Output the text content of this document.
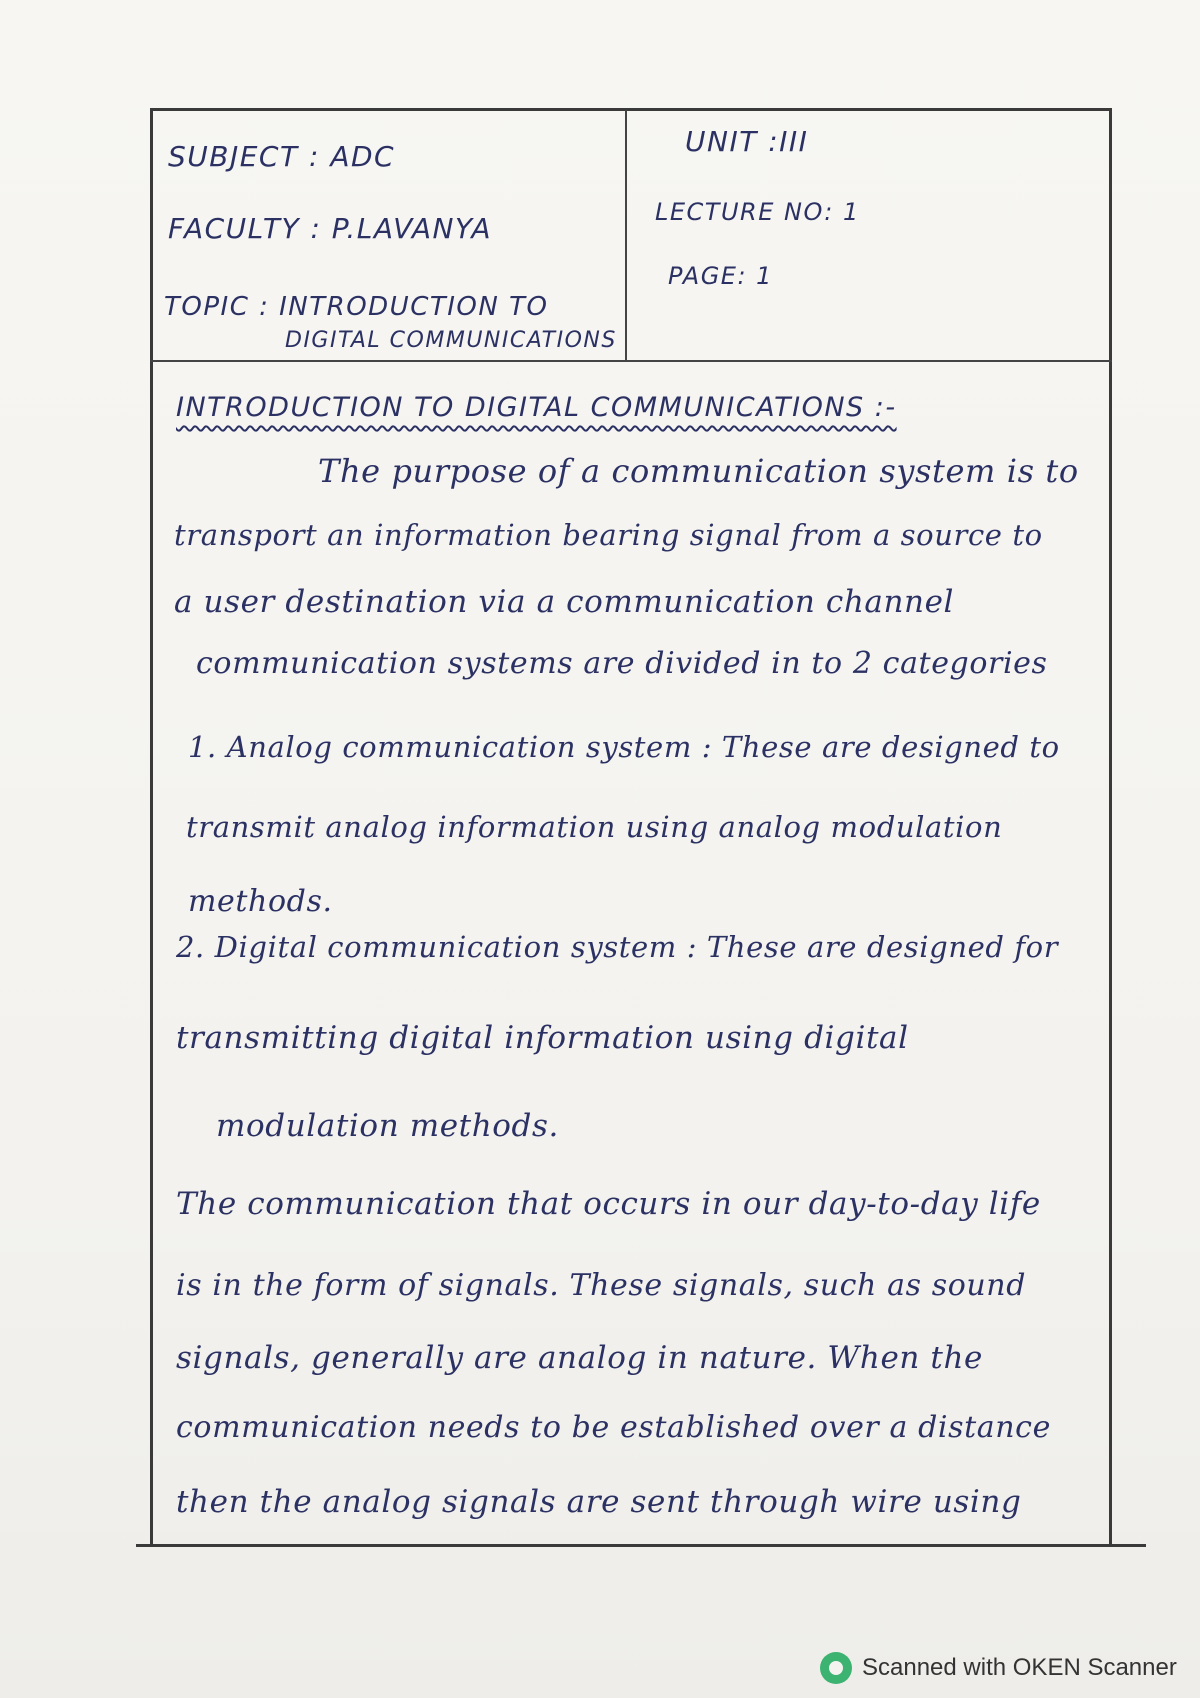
SUBJECT : ADC
FACULTY : P.LAVANYA
TOPIC : INTRODUCTION TO
DIGITAL COMMUNICATIONS
UNIT :III
LECTURE NO: 1
PAGE: 1
INTRODUCTION TO DIGITAL COMMUNICATIONS :-
The purpose of a communication system is to
transport an information bearing signal from a source to
a user destination via a communication channel
communication systems are divided in to 2 categories
1. Analog communication system : These are designed to
transmit analog information using analog modulation
methods.
2. Digital communication system : These are designed for
transmitting digital information using digital
modulation methods.
The communication that occurs in our day-to-day life
is in the form of signals. These signals, such as sound
signals, generally are analog in nature. When the
communication needs to be established over a distance
then the analog signals are sent through wire using
Scanned with OKEN Scanner
